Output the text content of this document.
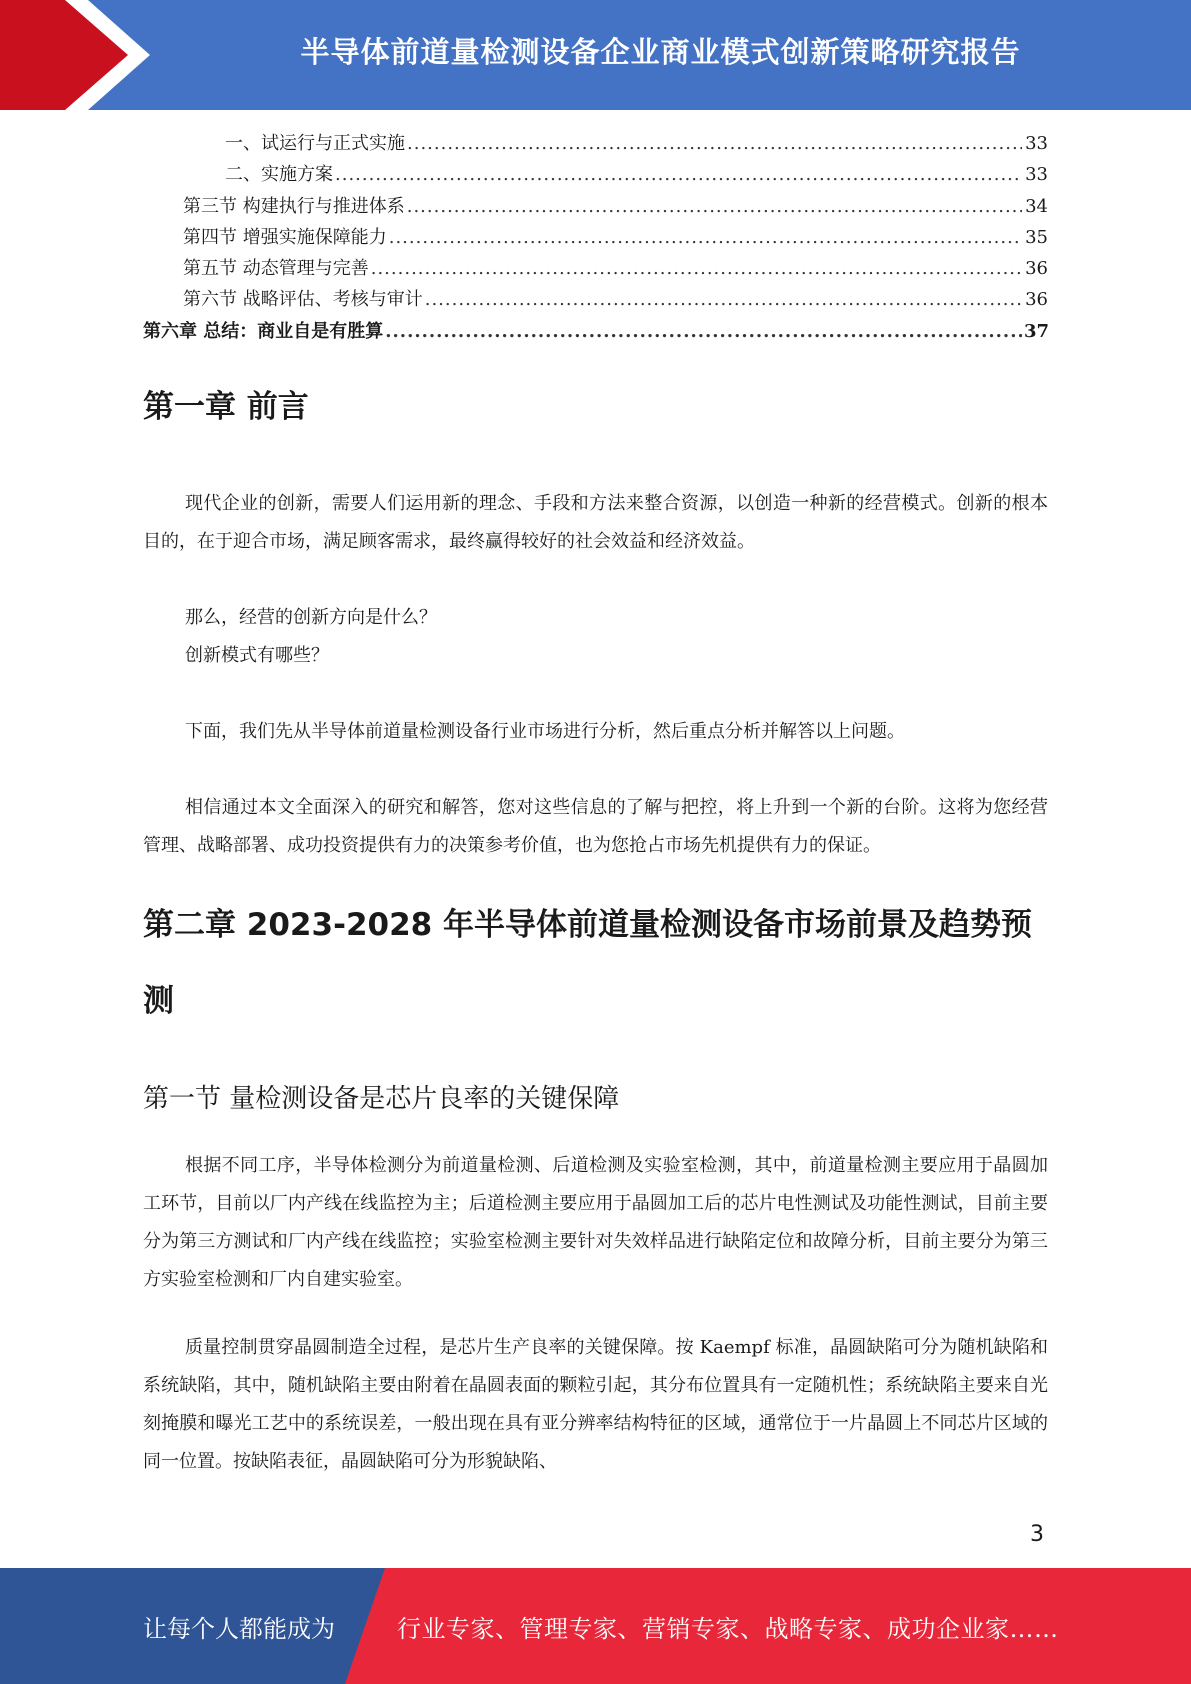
半导体前道量检测设备企业商业模式创新策略研究报告
一、试运行与正式实施 .....	33
二、实施方案 .....	33
第三节 构建执行与推进体系 .....	34
第四节 增强实施保障能力 .....	35
第五节 动态管理与完善 .....	36
第六节 战略评估、考核与审计 .....	36
第六章 总结：商业自是有胜算 .....	37
第一章 前言

现代企业的创新，需要人们运用新的理念、手段和方法来整合资源，以创造一种新的经营模式。创新的根本目的，在于迎合市场，满足顾客需求，最终赢得较好的社会效益和经济效益。

那么，经营的创新方向是什么？

创新模式有哪些？

下面，我们先从半导体前道量检测设备行业市场进行分析，然后重点分析并解答以上问题。

相信通过本文全面深入的研究和解答，您对这些信息的了解与把控，将上升到一个新的台阶。这将为您经营管理、战略部署、成功投资提供有力的决策参考价值，也为您抢占市场先机提供有力的保证。

第二章 2023-2028 年半导体前道量检测设备市场前景及趋势预测
第一节 量检测设备是芯片良率的关键保障

根据不同工序，半导体检测分为前道量检测、后道检测及实验室检测，其中，前道量检测主要应用于晶圆加工环节，目前以厂内产线在线监控为主；后道检测主要应用于晶圆加工后的芯片电性测试及功能性测试，目前主要分为第三方测试和厂内产线在线监控；实验室检测主要针对失效样品进行缺陷定位和故障分析，目前主要分为第三方实验室检测和厂内自建实验室。

质量控制贯穿晶圆制造全过程，是芯片生产良率的关键保障。按 Kaempf 标准，晶圆缺陷可分为随机缺陷和系统缺陷，其中，随机缺陷主要由附着在晶圆表面的颗粒引起，其分布位置具有一定随机性；系统缺陷主要来自光刻掩膜和曝光工艺中的系统误差，一般出现在具有亚分辨率结构特征的区域，通常位于一片晶圆上不同芯片区域的同一位置。按缺陷表征，晶圆缺陷可分为形貌缺陷、

3
让每个人都能成为	行业专家、管理专家、营销专家、战略专家、成功企业家……
